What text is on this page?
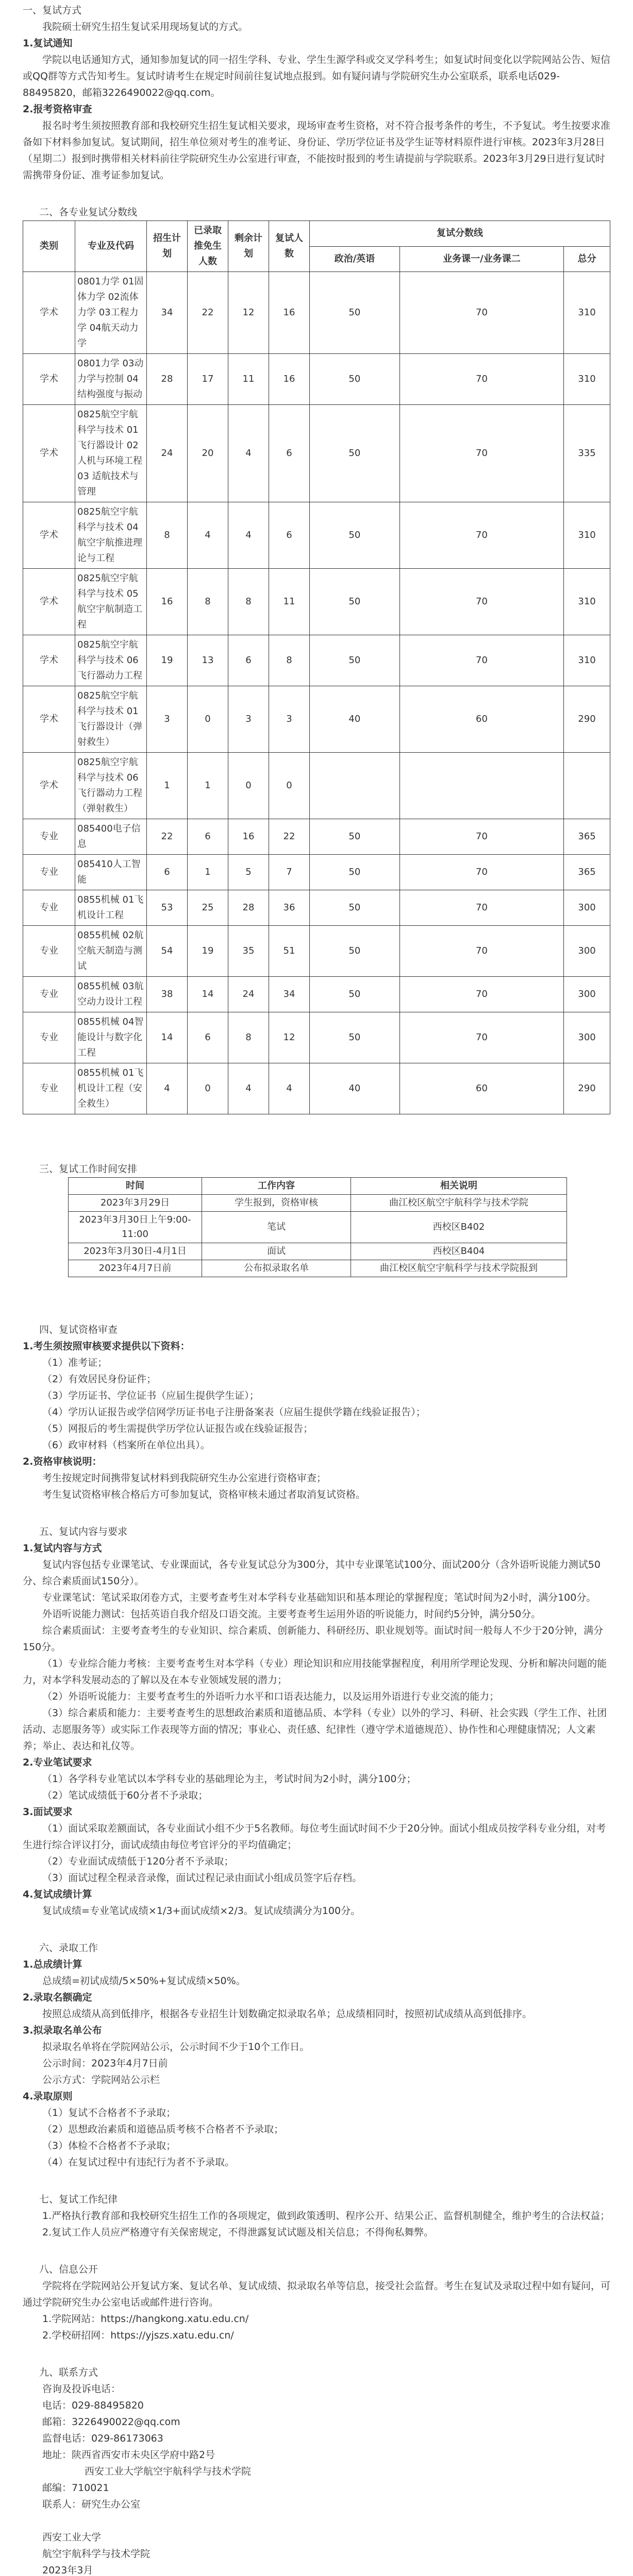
一、复试方式

我院硕士研究生招生复试采用现场复试的方式。

1.复试通知

学院以电话通知方式，通知参加复试的同一招生学科、专业、学生生源学科或交叉学科考生；如复试时间变化以学院网站公告、短信或QQ群等方式告知考生。复试时请考生在规定时间前往复试地点报到。如有疑问请与学院研究生办公室联系，联系电话029-88495820，邮箱3226490022@qq.com。

2.报考资格审查

报名时考生须按照教育部和我校研究生招生复试相关要求，现场审查考生资格，对不符合报考条件的考生，不予复试。考生按要求准备如下材料参加复试。复试期间，招生单位须对考生的准考证、身份证、学历学位证书及学生证等材料原件进行审核。2023年3月28日（星期二）报到时携带相关材料前往学院研究生办公室进行审查，不能按时报到的考生请提前与学院联系。2023年3月29日进行复试时需携带身份证、准考证参加复试。

二、各专业复试分数线

类别	专业及代码	招生计划	已录取推免生人数	剩余计划	复试人数	复试分数线		
						政治/英语	业务课一/业务课二	总分
学术	0801力学 01固体力学 02流体力学 03工程力学 04航天动力学	34	22	12	16	50	70	310
学术	0801力学 03动力学与控制 04结构强度与振动	28	17	11	16	50	70	310
学术	0825航空宇航科学与技术 01飞行器设计 02人机与环境工程 03 适航技术与管理	24	20	4	6	50	70	335
学术	0825航空宇航科学与技术 04航空宇航推进理论与工程	8	4	4	6	50	70	310
学术	0825航空宇航科学与技术 05航空宇航制造工程	16	8	8	11	50	70	310
学术	0825航空宇航科学与技术 06飞行器动力工程	19	13	6	8	50	70	310
学术	0825航空宇航科学与技术 01飞行器设计（弹射救生）	3	0	3	3	40	60	290
学术	0825航空宇航科学与技术 06飞行器动力工程（弹射救生）	1	1	0	0			
专业	085400电子信息	22	6	16	22	50	70	365
专业	085410人工智能	6	1	5	7	50	70	365
专业	0855机械 01飞机设计工程	53	25	28	36	50	70	300
专业	0855机械 02航空航天制造与测试	54	19	35	51	50	70	300
专业	0855机械 03航空动力设计工程	38	14	24	34	50	70	300
专业	0855机械 04智能设计与数字化工程	14	6	8	12	50	70	300
专业	0855机械 01飞机设计工程（安全救生）	4	0	4	4	40	60	290

三、复试工作时间安排

时间	工作内容	相关说明
2023年3月29日	学生报到，资格审核	曲江校区航空宇航科学与技术学院
2023年3月30日上午9:00-11:00	笔试	西校区B402
2023年3月30日-4月1日	面试	西校区B404
2023年4月7日前	公布拟录取名单	曲江校区航空宇航科学与技术学院报到

四、复试资格审查

1.考生须按照审核要求提供以下资料：

（1）准考证；

（2）有效居民身份证件；

（3）学历证书、学位证书（应届生提供学生证）；

（4）学历认证报告或学信网学历证书电子注册备案表（应届生提供学籍在线验证报告）；

（5）网报后的考生需提供学历学位认证报告或在线验证报告；

（6）政审材料（档案所在单位出具）。

2.资格审核说明：

考生按规定时间携带复试材料到我院研究生办公室进行资格审查；

考生复试资格审核合格后方可参加复试，资格审核未通过者取消复试资格。

五、复试内容与要求

1.复试内容与方式

复试内容包括专业课笔试、专业课面试，各专业复试总分为300分，其中专业课笔试100分、面试200分（含外语听说能力测试50分、综合素质面试150分）。

专业课笔试：笔试采取闭卷方式，主要考查考生对本学科专业基础知识和基本理论的掌握程度；笔试时间为2小时，满分100分。

外语听说能力测试：包括英语自我介绍及口语交流。主要考查考生运用外语的听说能力，时间约5分钟，满分50分。

综合素质面试：主要考查考生的专业知识、综合素质、创新能力、科研经历、职业规划等。面试时间一般每人不少于20分钟，满分150分。

（1）专业综合能力考核：主要考查考生对本学科（专业）理论知识和应用技能掌握程度，利用所学理论发现、分析和解决问题的能力，对本学科发展动态的了解以及在本专业领域发展的潜力；

（2）外语听说能力：主要考查考生的外语听力水平和口语表达能力，以及运用外语进行专业交流的能力；

（3）综合素质和能力：主要考查考生的思想政治素质和道德品质、本学科（专业）以外的学习、科研、社会实践（学生工作、社团活动、志愿服务等）或实际工作表现等方面的情况；事业心、责任感、纪律性（遵守学术道德规范）、协作性和心理健康情况；人文素养；举止、表达和礼仪等。

2.专业笔试要求

（1）各学科专业笔试以本学科专业的基础理论为主，考试时间为2小时，满分100分；

（2）笔试成绩低于60分者不予录取；

3.面试要求

（1）面试采取差额面试，各专业面试小组不少于5名教师。每位考生面试时间不少于20分钟。面试小组成员按学科专业分组，对考生进行综合评议打分，面试成绩由每位考官评分的平均值确定；

（2）专业面试成绩低于120分者不予录取；

（3）面试过程全程录音录像，面试过程记录由面试小组成员签字后存档。

4.复试成绩计算

复试成绩=专业笔试成绩×1/3+面试成绩×2/3。复试成绩满分为100分。

六、录取工作

1.总成绩计算

总成绩=初试成绩/5×50%+复试成绩×50%。

2.录取名额确定

按照总成绩从高到低排序，根据各专业招生计划数确定拟录取名单；总成绩相同时，按照初试成绩从高到低排序。

3.拟录取名单公布

拟录取名单将在学院网站公示，公示时间不少于10个工作日。

公示时间：2023年4月7日前

公示方式：学院网站公示栏

4.录取原则

（1）复试不合格者不予录取；

（2）思想政治素质和道德品质考核不合格者不予录取；

（3）体检不合格者不予录取；

（4）在复试过程中有违纪行为者不予录取。

七、复试工作纪律

1.严格执行教育部和我校研究生招生工作的各项规定，做到政策透明、程序公开、结果公正、监督机制健全，维护考生的合法权益；

2.复试工作人员应严格遵守有关保密规定，不得泄露复试试题及相关信息；不得徇私舞弊。

八、信息公开

学院将在学院网站公开复试方案、复试名单、复试成绩、拟录取名单等信息，接受社会监督。考生在复试及录取过程中如有疑问，可通过学院研究生办公室电话或邮件进行咨询。

1.学院网站：https://hangkong.xatu.edu.cn/

2.学校研招网：https://yjszs.xatu.edu.cn/

九、联系方式

咨询及投诉电话：

电话：029-88495820

邮箱：3226490022@qq.com

监督电话：029-86173063

地址：陕西省西安市未央区学府中路2号

西安工业大学航空宇航科学与技术学院

邮编：710021

联系人：研究生办公室

西安工业大学

航空宇航科学与技术学院

2023年3月
